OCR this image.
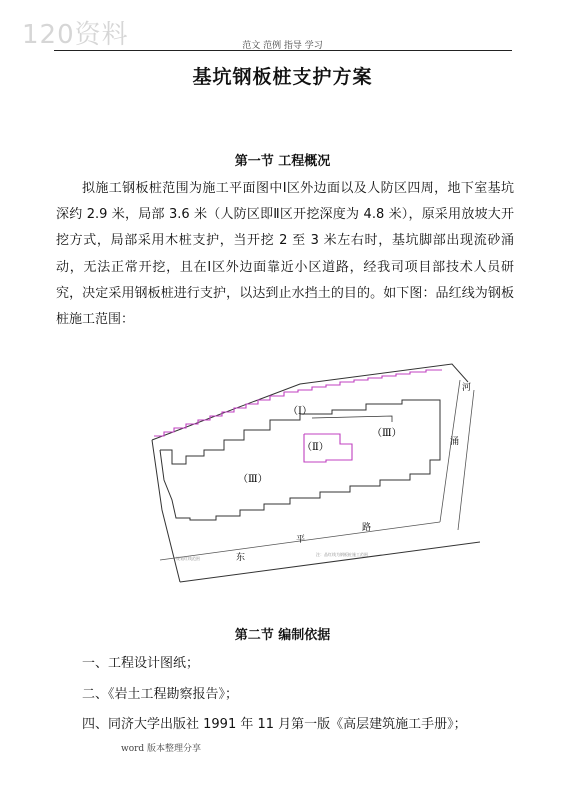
120资料	范文 范例 指导 学习
基坑钢板桩支护方案
第一节 工程概况

拟施工钢板桩范围为施工平面图中Ⅰ区外边面以及人防区四周，地下室基坑深约 2.9 米，局部 3.6 米（人防区即Ⅱ区开挖深度为 4.8 米），原采用放坡大开挖方式，局部采用木桩支护，当开挖 2 至 3 米左右时，基坑脚部出现流砂涌动，无法正常开挖，且在Ⅰ区外边面靠近小区道路，经我司项目部技术人员研究，决定采用钢板桩进行支护，以达到止水挡土的目的。如下图：品红线为钢板桩施工范围：

（Ⅰ）
（Ⅱ）
（Ⅲ）
（Ⅲ）
平
路
东
河
涌
规划红线范围
注：品红线为钢板桩施工范围
第二节 编制依据
一、工程设计图纸；
二、《岩土工程勘察报告》；
四、同济大学出版社 1991 年 11 月第一版《高层建筑施工手册》；
word 版本整理分享
